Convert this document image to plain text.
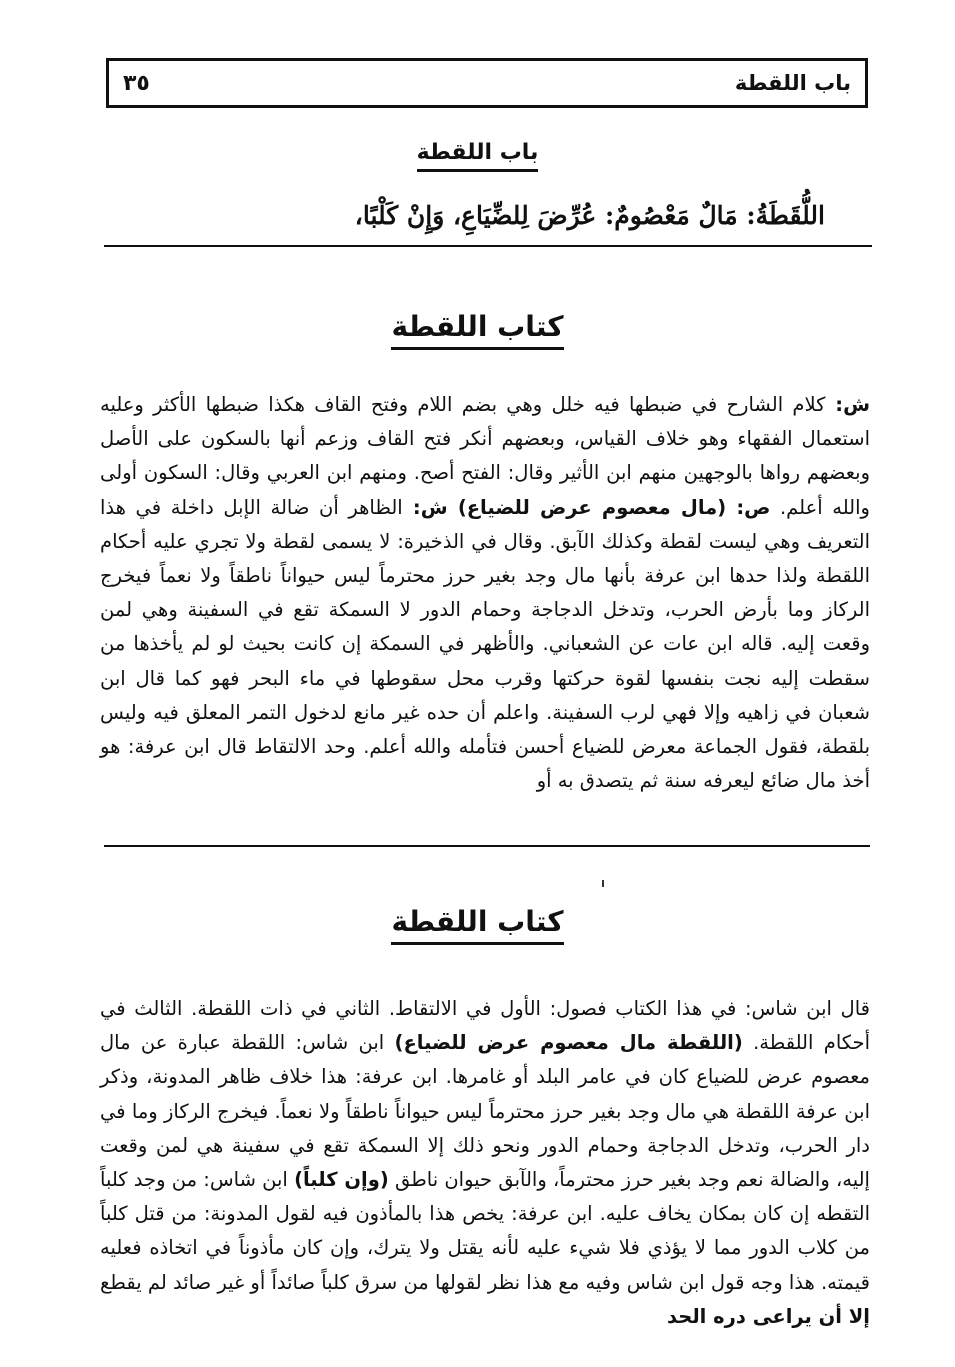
باب اللقطة
٣٥
باب اللقطة
اللُّقَطَةُ: مَالٌ مَعْصُومٌ: عُرِّضَ لِلضِّيَاعِ، وَإِنْ كَلْبًا،
كتاب اللقطة
ش: كلام الشارح في ضبطها فيه خلل وهي بضم اللام وفتح القاف هكذا ضبطها الأكثر وعليه استعمال الفقهاء وهو خلاف القياس، وبعضهم أنكر فتح القاف وزعم أنها بالسكون على الأصل وبعضهم رواها بالوجهين منهم ابن الأثير وقال: الفتح أصح. ومنهم ابن العربي وقال: السكون أولى والله أعلم. ص: (مال معصوم عرض للضياع) ش: الظاهر أن ضالة الإبل داخلة في هذا التعريف وهي ليست لقطة وكذلك الآبق. وقال في الذخيرة: لا يسمى لقطة ولا تجري عليه أحكام اللقطة ولذا حدها ابن عرفة بأنها مال وجد بغير حرز محترماً ليس حيواناً ناطقاً ولا نعماً فيخرج الركاز وما بأرض الحرب، وتدخل الدجاجة وحمام الدور لا السمكة تقع في السفينة وهي لمن وقعت إليه. قاله ابن عات عن الشعباني. والأظهر في السمكة إن كانت بحيث لو لم يأخذها من سقطت إليه نجت بنفسها لقوة حركتها وقرب محل سقوطها في ماء البحر فهو كما قال ابن شعبان في زاهيه وإلا فهي لرب السفينة. واعلم أن حده غير مانع لدخول التمر المعلق فيه وليس بلقطة، فقول الجماعة معرض للضياع أحسن فتأمله والله أعلم. وحد الالتقاط قال ابن عرفة: هو أخذ مال ضائع ليعرفه سنة ثم يتصدق به أو
كتاب اللقطة
قال ابن شاس: في هذا الكتاب فصول: الأول في الالتقاط. الثاني في ذات اللقطة. الثالث في أحكام اللقطة. (اللقطة مال معصوم عرض للضياع) ابن شاس: اللقطة عبارة عن مال معصوم عرض للضياع كان في عامر البلد أو غامرها. ابن عرفة: هذا خلاف ظاهر المدونة، وذكر ابن عرفة اللقطة هي مال وجد بغير حرز محترماً ليس حيواناً ناطقاً ولا نعماً. فيخرج الركاز وما في دار الحرب، وتدخل الدجاجة وحمام الدور ونحو ذلك إلا السمكة تقع في سفينة هي لمن وقعت إليه، والضالة نعم وجد بغير حرز محترماً، والآبق حيوان ناطق (وإن كلباً) ابن شاس: من وجد كلباً التقطه إن كان بمكان يخاف عليه. ابن عرفة: يخص هذا بالمأذون فيه لقول المدونة: من قتل كلباً من كلاب الدور مما لا يؤذي فلا شيء عليه لأنه يقتل ولا يترك، وإن كان مأذوناً في اتخاذه فعليه قيمته. هذا وجه قول ابن شاس وفيه مع هذا نظر لقولها من سرق كلباً صائداً أو غير صائد لم يقطع إلا أن يراعى دره الحد
